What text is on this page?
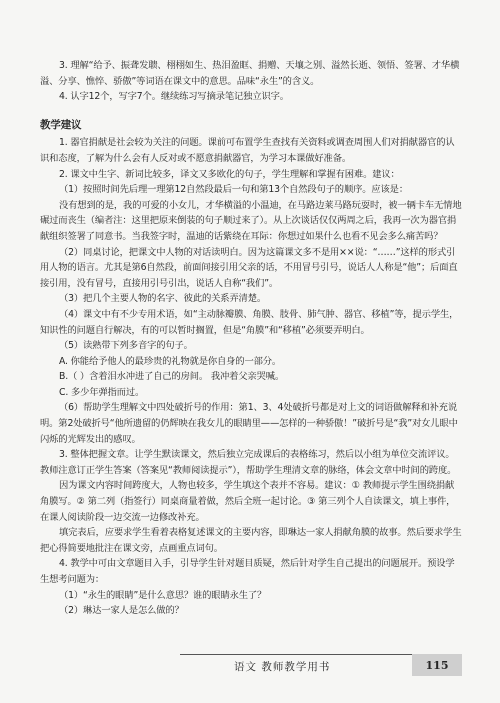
3. 理解“给予、振聋发聩、栩栩如生、热泪盈眶、捐赠、天壤之别、溢然长逝、领悟、签署、才华横溢、分享、憔悴、骄傲”等词语在课文中的意思。品味“永生”的含义。

4. 认字12个，写字7个。继续练习写摘录笔记独立识字。

教学建议

1. 器官捐献是社会较为关注的问题。课前可布置学生查找有关资料或调查周围人们对捐献器官的认识和态度，了解为什么会有人反对或不愿意捐献器官，为学习本课做好准备。

2. 课文中生字、新词比较多，译文又多欧化的句子，学生理解和掌握有困难。建议：

（1）按照时间先后理一理第12自然段最后一句和第13个自然段句子的顺序。应该是：

没有想到的是，我的可爱的小女儿，才华横溢的小温迪，在马路边莱马路玩耍时，被一辆卡车无情地碾过而丧生（编者注：这里把原来倒装的句子顺过来了）。从上次谈话仅仅两周之后，我再一次为器官捐献组织签署了同意书。当我签字时，温迪的话紫绕在耳际：你想过如果什么也看不见会多么痛苦吗？

（2）同桌讨论，把课文中人物的对话读明白。因为这篇课文多不是用××说：“……”这样的形式引用人物的语言。尤其是第6自然段，前面间接引用父亲的话，不用冒号引号，说话人人称是“他”；后面直接引用，没有冒号，直接用引号引出，说话人自称“我们”。

（3）把几个主要人物的名字、彼此的关系弄清楚。

（4）课文中有不少专用术语，如“主动脉瓣膜、角膜、肢骨、肺气肿、器官、移植”等，提示学生，知识性的问题自行解决，有的可以暂时搁置，但是“角膜”和“移植”必须要弄明白。

（5）读熟带下列多音字的句子。

A. 你能给予他人的最珍贵的礼物就是你自身的一部分。

B.（ ）含着泪水冲进了自己的房间。 我冲着父亲哭喊。

C. 多少年弹指而过。

（6）帮助学生理解文中四处破折号的作用：第1、3、4处破折号都是对上文的词语做解释和补充说明。第2处破折号“他所遗留的仍辉映在我女儿的眼睛里——怎样的一种骄傲！”破折号是“我”对女儿眼中闪烁的光辉发出的感叹。

3. 整体把握文章。让学生默读课文，然后独立完成课后的表格练习，然后以小组为单位交流评议。教师注意订正学生答案（答案见“教师阅读提示”），帮助学生理清文章的脉络，体会文章中时间的跨度。

因为课文内容时间跨度大，人物也较多，学生填这个表并不容易。建议：① 教师提示学生围绕捐献角膜写。② 第二列（指签行）同桌商量着做，然后全班一起讨论。③ 第三列个人自读课文，填上事件，在课人阅读阶段一边交流一边修改补充。

填完表后，应要求学生看着表格复述课文的主要内容，即琳达一家人捐献角膜的故事。然后要求学生把心得简要地批注在课文旁，点画重点词句。

4. 教学中可由文章题目入手，引导学生针对题目质疑，然后针对学生自己提出的问题展开。预设学生想考问题为：

（1）“永生的眼睛”是什么意思？谁的眼睛永生了？

（2）琳达一家人是怎么做的？

语文 教师教学用书	115
